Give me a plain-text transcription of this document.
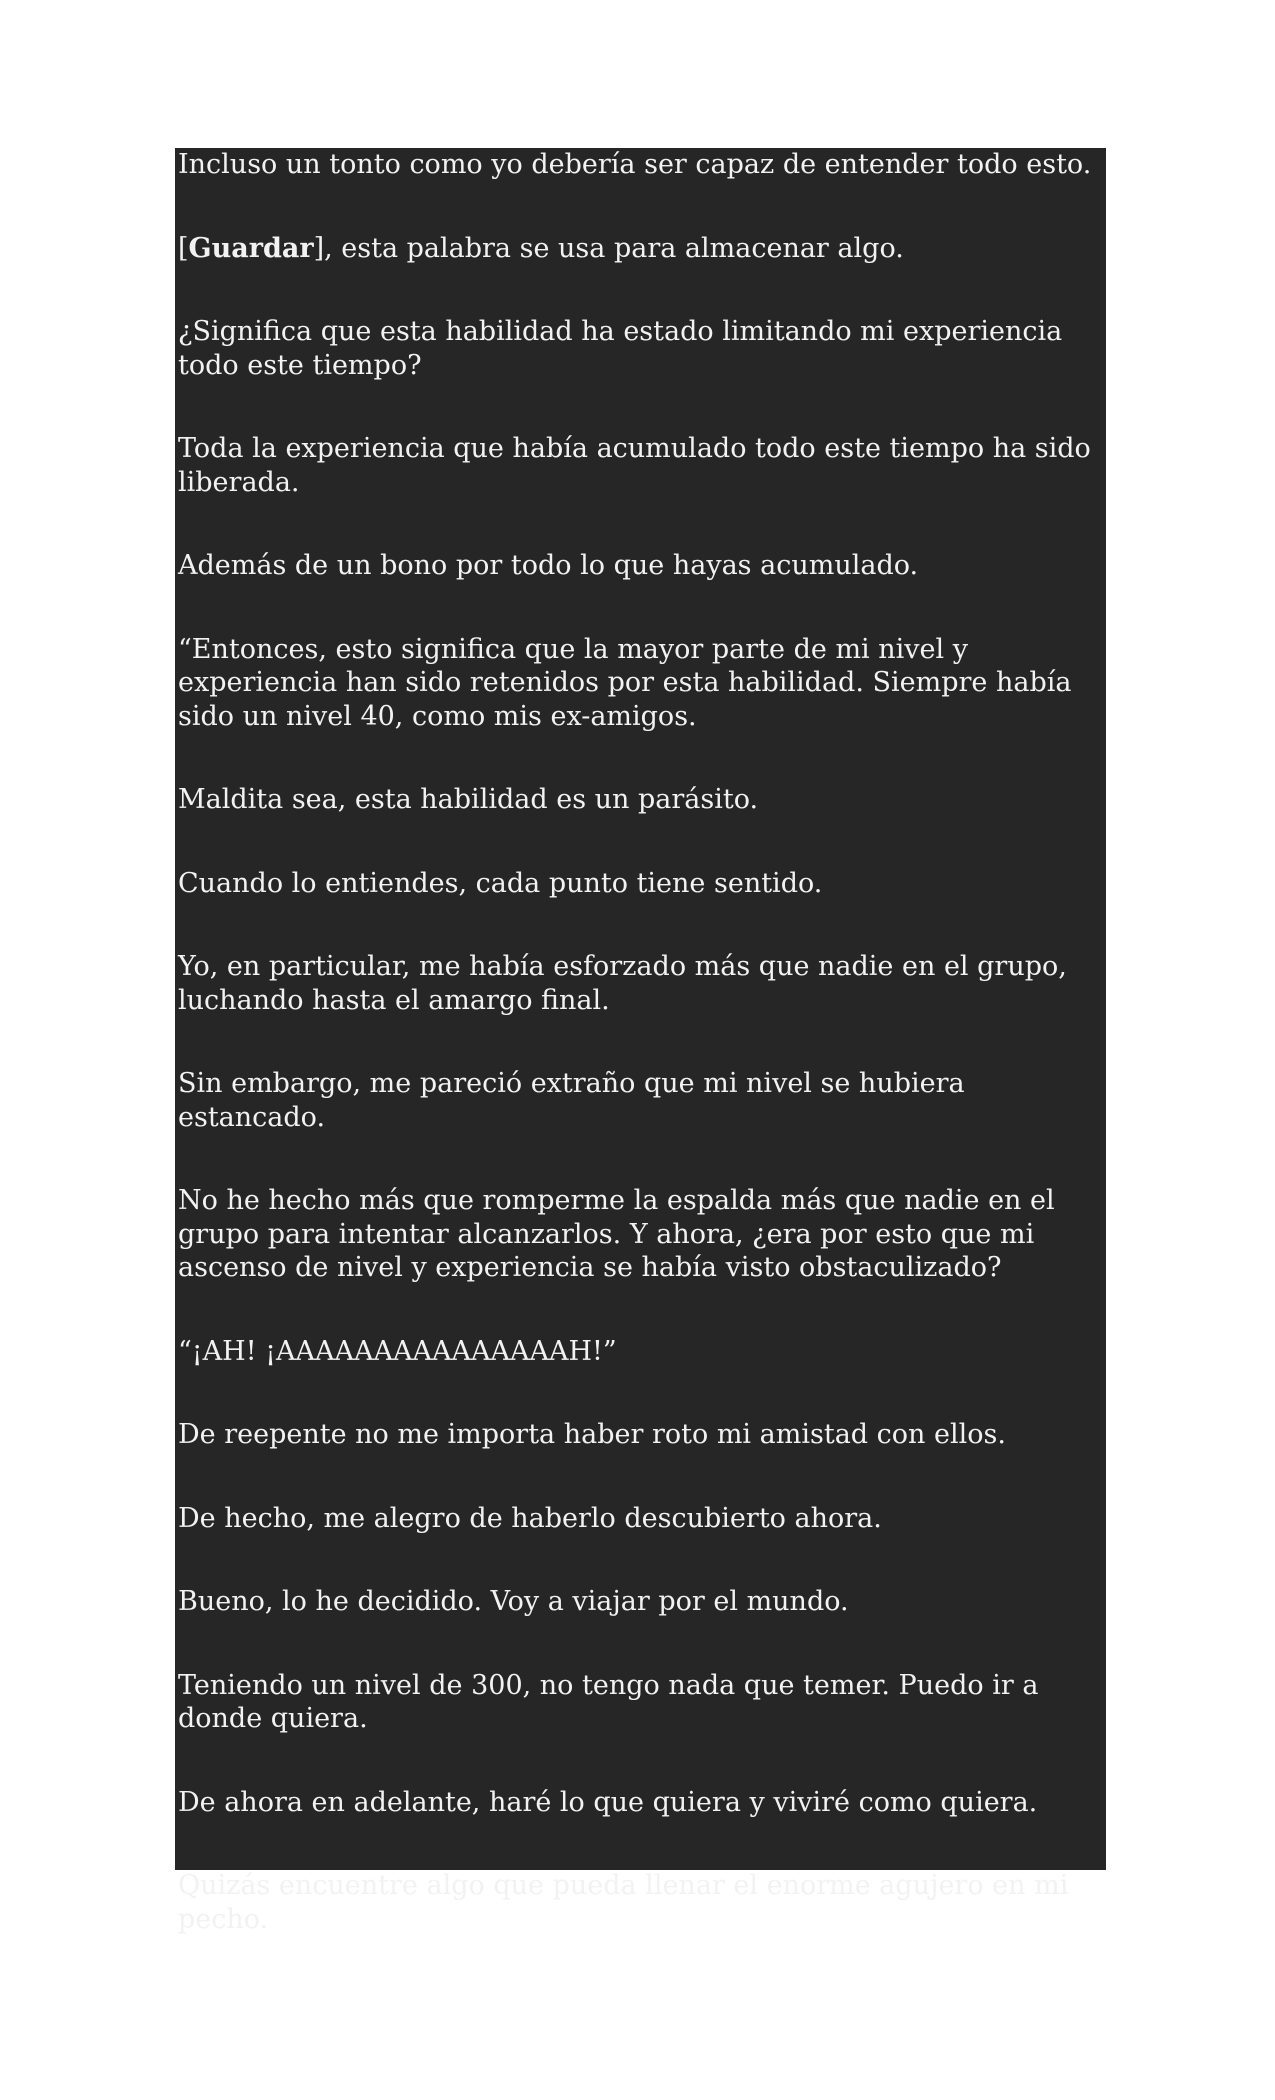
Incluso un tonto como yo debería ser capaz de entender todo esto.

[Guardar], esta palabra se usa para almacenar algo.

¿Significa que esta habilidad ha estado limitando mi experiencia todo este tiempo?

Toda la experiencia que había acumulado todo este tiempo ha sido liberada.

Además de un bono por todo lo que hayas acumulado.

“Entonces, esto significa que la mayor parte de mi nivel y experiencia han sido retenidos por esta habilidad. Siempre había sido un nivel 40, como mis ex-amigos.

Maldita sea, esta habilidad es un parásito.

Cuando lo entiendes, cada punto tiene sentido.

Yo, en particular, me había esforzado más que nadie en el grupo, luchando hasta el amargo final.

Sin embargo, me pareció extraño que mi nivel se hubiera estancado.

No he hecho más que romperme la espalda más que nadie en el grupo para intentar alcanzarlos. Y ahora, ¿era por esto que mi ascenso de nivel y experiencia se había visto obstaculizado?

“¡AH! ¡AAAAAAAAAAAAAAAH!”

De reepente no me importa haber roto mi amistad con ellos.

De hecho, me alegro de haberlo descubierto ahora.

Bueno, lo he decidido. Voy a viajar por el mundo.

Teniendo un nivel de 300, no tengo nada que temer. Puedo ir a donde quiera.

De ahora en adelante, haré lo que quiera y viviré como quiera.

Quizás encuentre algo que pueda llenar el enorme agujero en mi pecho.
